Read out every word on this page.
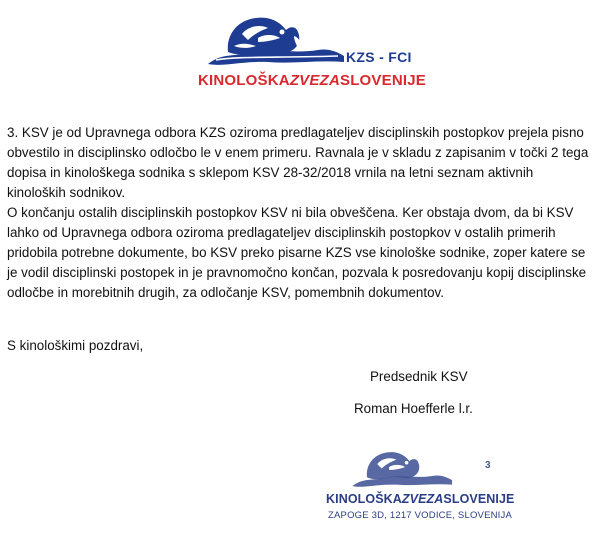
KZS - FCI
KINOLOŠKAZVEZASLOVENIJE

3. KSV je od Upravnega odbora KZS oziroma predlagateljev disciplinskih postopkov prejela pisno obvestilo in disciplinsko odločbo le v enem primeru. Ravnala je v skladu z zapisanim v točki 2 tega dopisa in kinološkega sodnika s sklepom KSV 28-32/2018 vrnila na letni seznam aktivnih kinoloških sodnikov.

O končanju ostalih disciplinskih postopkov KSV ni bila obveščena. Ker obstaja dvom, da bi KSV lahko od Upravnega odbora oziroma predlagateljev disciplinskih postopkov v ostalih primerih pridobila potrebne dokumente, bo KSV preko pisarne KZS vse kinološke sodnike, zoper katere se je vodil disciplinski postopek in je pravnomočno končan, pozvala k posredovanju kopij disciplinske odločbe in morebitnih drugih, za odločanje KSV, pomembnih dokumentov.

S kinološkimi pozdravi,
Predsednik KSV
Roman Hoefferle l.r.
3
KINOLOŠKAZVEZASLOVENIJE
ZAPOGE 3D, 1217 VODICE, SLOVENIJA
